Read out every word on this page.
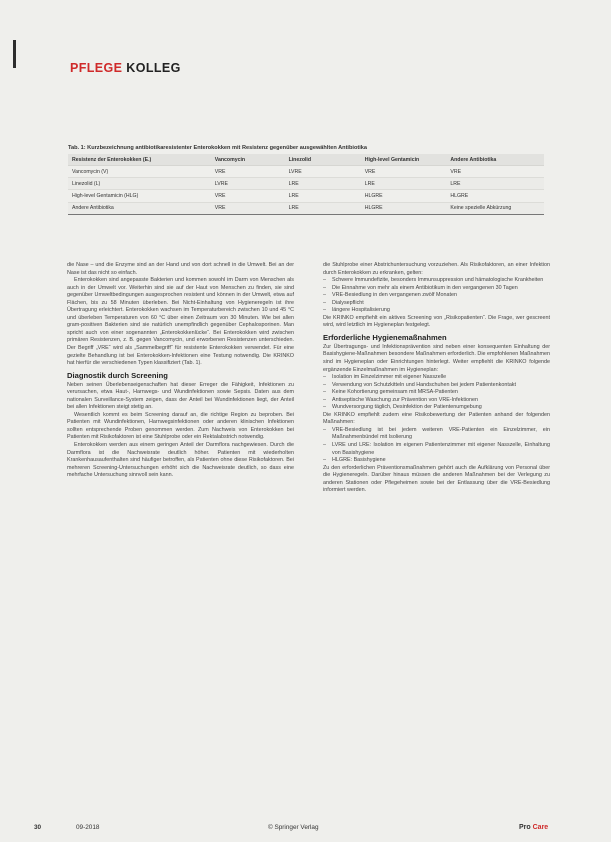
PFLEGE KOLLEG
Tab. 1: Kurzbezeichnung antibiotikaresistenter Enterokokken mit Resistenz gegenüber ausgewählten Antibiotika
Resistenz der Enterokokken (E.)	Vancomycin	Linezolid	High-level Gentamicin	Andere Antibiotika
Vancomycin (V)	VRE	LVRE	VRE	VRE
Linezolid (L)	LVRE	LRE	LRE	LRE
High-level Gentamicin (HLG)	VRE	LRE	HLGRE	HLGRE
Andere Antibiotika	VRE	LRE	HLGRE	Keine spezielle Abkürzung

die Nase – und die Enzyme sind an der Hand und von dort schnell in die Umwelt. Bei an der Nase ist das nicht so einfach.

Enterokokken sind angepasste Bakterien und kommen sowohl im Darm von Menschen als auch in der Umwelt vor. Weiterhin sind sie auf der Haut von Menschen zu finden, sie sind gegenüber Umweltbedingungen ausgesprochen resistent und können in der Umwelt, etwa auf Flächen, bis zu 58 Minuten überleben. Bei Nicht-Einhaltung von Hygieneregeln ist ihre Übertragung erleichtert. Enterokokken wachsen im Temperaturbereich zwischen 10 und 45 °C und überleben Temperaturen von 60 °C über einen Zeitraum von 30 Minuten. Wie bei allen gram-positiven Bakterien sind sie natürlich unempfindlich gegenüber Cephalosporinen. Man spricht auch von einer sogenannten „Enterokokkenlücke“. Bei Enterokokken wird zwischen primären Resistenzen, z. B. gegen Vancomycin, und erworbenen Resistenzen unterschieden. Der Begriff „VRE“ wird als „Sammelbegriff“ für resistente Enterokokken verwendet. Für eine gezielte Behandlung ist bei Enterokokken-Infektionen eine Testung notwendig. Die KRINKO hat hierfür die verschiedenen Typen klassifiziert (Tab. 1).

Diagnostik durch Screening

Neben seinen Überlebenseigenschaften hat dieser Erreger die Fähigkeit, Infektionen zu verursachen, etwa Haut-, Harnwegs- und Wundinfektionen sowie Sepsis. Daten aus dem nationalen Surveillance-System zeigen, dass der Anteil bei Wundinfektionen liegt, der Anteil bei allen Infektionen steigt stetig an.

Wesentlich kommt es beim Screening darauf an, die richtige Region zu beproben. Bei Patienten mit Wundinfektionen, Harnwegsinfektionen oder anderen klinischen Infektionen sollten entsprechende Proben genommen werden. Zum Nachweis von Enterokokken bei Patienten mit Risikofaktoren ist eine Stuhlprobe oder ein Rektalabstrich notwendig.

Enterokokken werden aus einem geringen Anteil der Darmflora nachgewiesen. Durch die Darmflora ist die Nachweisrate deutlich höher. Patienten mit wiederholten Krankenhausaufenthalten sind häufiger betroffen, als Patienten ohne diese Risikofaktoren. Bei mehreren Screening-Untersuchungen erhöht sich die Nachweisrate deutlich, so dass eine mehrfache Untersuchung sinnvoll sein kann.

die Stuhlprobe einer Abstrichuntersuchung vorzuziehen. Als Risikofaktoren, an einer Infektion durch Enterokokken zu erkranken, gelten:

– Schwere Immundefizite, besonders Immunsuppression und hämatologische Krankheiten
– Die Einnahme von mehr als einem Antibiotikum in den vergangenen 30 Tagen
– VRE-Besiedlung in den vergangenen zwölf Monaten
– Dialysepflicht
– längere Hospitalisierung

Die KRINKO empfiehlt ein aktives Screening von „Risikopatienten“. Die Frage, wer gescreent wird, wird letztlich im Hygieneplan festgelegt.

Erforderliche Hygienemaßnahmen

Zur Übertragungs- und Infektionsprävention sind neben einer konsequenten Einhaltung der Basishygiene-Maßnahmen besondere Maßnahmen erforderlich. Die empfohlenen Maßnahmen sind im Hygieneplan oder Einrichtungen hinterlegt. Weiter empfiehlt die KRINKO folgende ergänzende Einzelmaßnahmen im Hygieneplan:

– Isolation im Einzelzimmer mit eigener Nasszelle
– Verwendung von Schutzkitteln und Handschuhen bei jedem Patientenkontakt
– Keine Kohortierung gemeinsam mit MRSA-Patienten
– Antiseptische Waschung zur Prävention von VRE-Infektionen
– Wundversorgung täglich, Desinfektion der Patientenumgebung

Die KRINKO empfiehlt zudem eine Risikobewertung der Patienten anhand der folgenden Maßnahmen:

– VRE-Besiedlung ist bei jedem weiteren VRE-Patienten ein Einzelzimmer, ein Maßnahmenbündel mit Isolierung
– LVRE und LRE: Isolation im eigenen Patientenzimmer mit eigener Nasszelle, Einhaltung von Basishygiene
– HLGRE: Basishygiene

Zu den erforderlichen Präventionsmaßnahmen gehört auch die Aufklärung von Personal über die Hygieneregeln. Darüber hinaus müssen die anderen Maßnahmen bei der Verlegung zu anderen Stationen oder Pflegeheimen sowie bei der Entlassung über die VRE-Besiedlung informiert werden.

30	09-2018	© Springer Verlag	Pro Care
